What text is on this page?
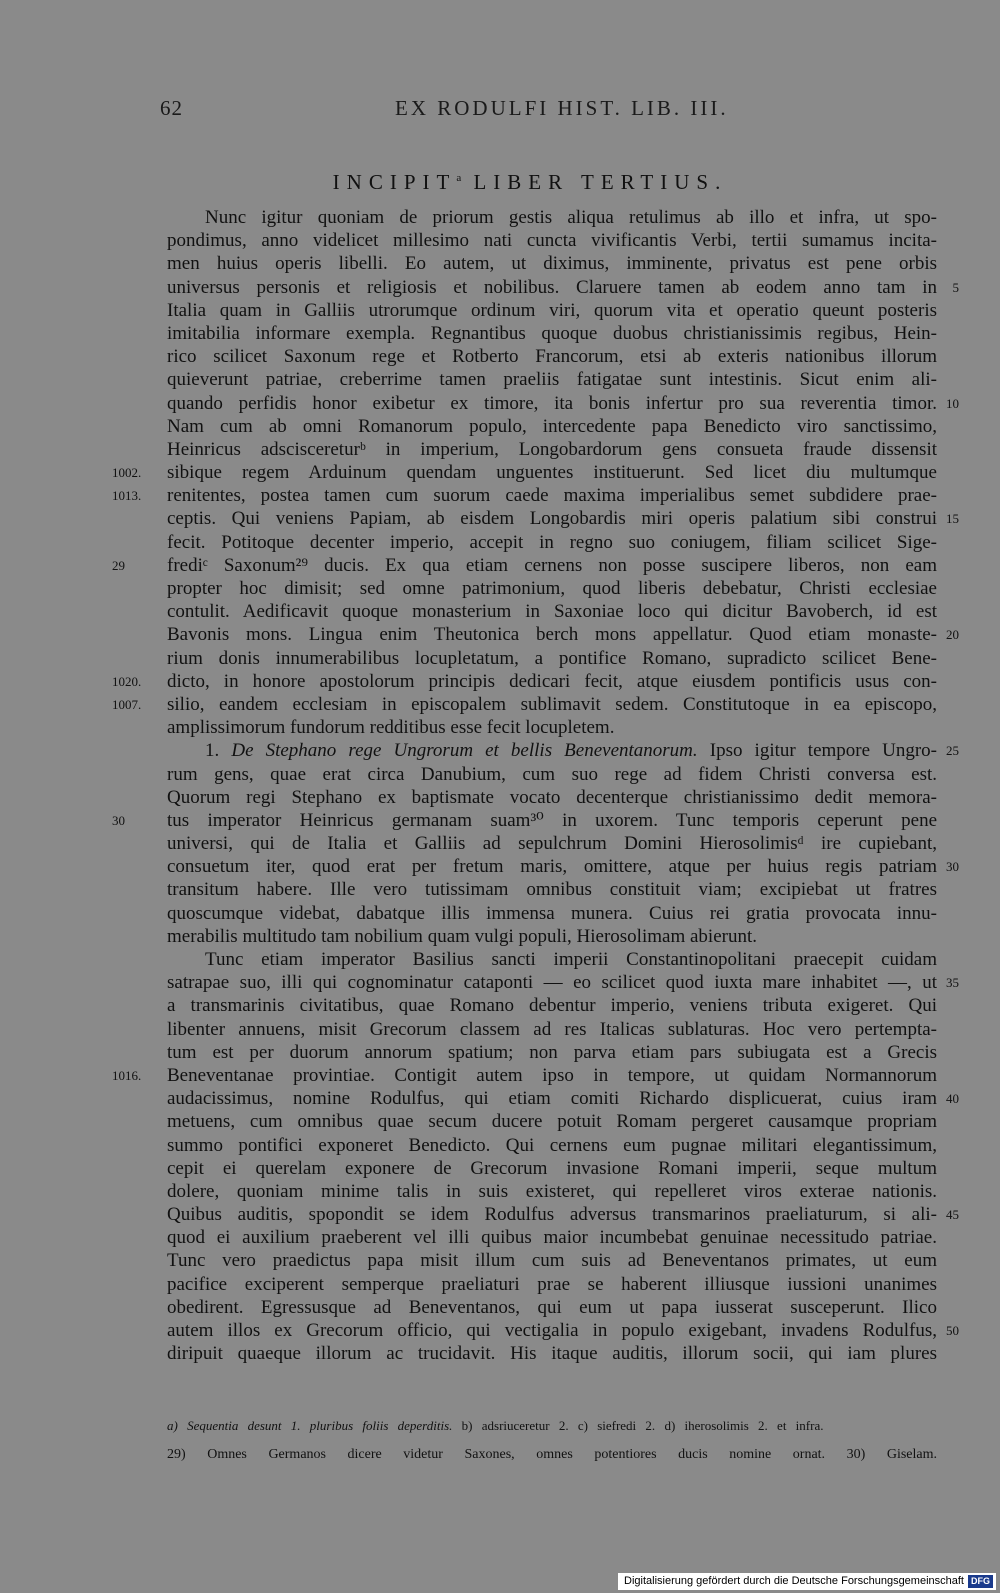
62	EX RODULFI HIST. LIB. III.
INCIPIT$^a$ LIBER TERTIUS.
Nunc igitur quoniam de priorum gestis aliqua retulimus ab illo et infra, ut spo-
pondimus, anno videlicet millesimo nati cuncta vivificantis Verbi, tertii sumamus incita-
men huius operis libelli. Eo autem, ut diximus, imminente, privatus est pene orbis
5
universus personis et religiosis et nobilibus. Claruere tamen ab eodem anno tam in
Italia quam in Galliis utrorumque ordinum viri, quorum vita et operatio queunt posteris
imitabilia informare exempla. Regnantibus quoque duobus christianissimis regibus, Hein-
rico scilicet Saxonum rege et Rotberto Francorum, etsi ab exteris nationibus illorum
quieverunt patriae, creberrime tamen praeliis fatigatae sunt intestinis. Sicut enim ali-
10
quando perfidis honor exibetur ex timore, ita bonis infertur pro sua reverentia timor.
Nam cum ab omni Romanorum populo, intercedente papa Benedicto viro sanctissimo,
Heinricus adsciscereturᵇ in imperium, Longobardorum gens consueta fraude dissensit
1002.	sibique regem Arduinum quendam unguentes instituerunt. Sed licet diu multumque
1013.	renitentes, postea tamen cum suorum caede maxima imperialibus semet subdidere prae-
15
ceptis. Qui veniens Papiam, ab eisdem Longobardis miri operis palatium sibi construi
fecit. Potitoque decenter imperio, accepit in regno suo coniugem, filiam scilicet Sige-
29	frediᶜ Saxonum²⁹ ducis. Ex qua etiam cernens non posse suscipere liberos, non eam
propter hoc dimisit; sed omne patrimonium, quod liberis debebatur, Christi ecclesiae
contulit. Aedificavit quoque monasterium in Saxoniae loco qui dicitur Bavoberch, id est
20
Bavonis mons. Lingua enim Theutonica berch mons appellatur. Quod etiam monaste-
rium donis innumerabilibus locupletatum, a pontifice Romano, supradicto scilicet Bene-
1020.	dicto, in honore apostolorum principis dedicari fecit, atque eiusdem pontificis usus con-
1007.	silio, eandem ecclesiam in episcopalem sublimavit sedem. Constitutoque in ea episcopo,
amplissimorum fundorum redditibus esse fecit locupletem.
25
1. De Stephano rege Ungrorum et bellis Beneventanorum. Ipso igitur tempore Ungro-
rum gens, quae erat circa Danubium, cum suo rege ad fidem Christi conversa est.
Quorum regi Stephano ex baptismate vocato decenterque christianissimo dedit memora-
30	tus imperator Heinricus germanam suam³⁰ in uxorem. Tunc temporis ceperunt pene
universi, qui de Italia et Galliis ad sepulchrum Domini Hierosolimisᵈ ire cupiebant,
30
consuetum iter, quod erat per fretum maris, omittere, atque per huius regis patriam
transitum habere. Ille vero tutissimam omnibus constituit viam; excipiebat ut fratres
quoscumque videbat, dabatque illis immensa munera. Cuius rei gratia provocata innu-
merabilis multitudo tam nobilium quam vulgi populi, Hierosolimam abierunt.
Tunc etiam imperator Basilius sancti imperii Constantinopolitani praecepit cuidam
35
satrapae suo, illi qui cognominatur cataponti — eo scilicet quod iuxta mare inhabitet —, ut
a transmarinis civitatibus, quae Romano debentur imperio, veniens tributa exigeret. Qui
libenter annuens, misit Grecorum classem ad res Italicas sublaturas. Hoc vero pertempta-
tum est per duorum annorum spatium; non parva etiam pars subiugata est a Grecis
1016.	Beneventanae provintiae. Contigit autem ipso in tempore, ut quidam Normannorum
40
audacissimus, nomine Rodulfus, qui etiam comiti Richardo displicuerat, cuius iram
metuens, cum omnibus quae secum ducere potuit Romam pergeret causamque propriam
summo pontifici exponeret Benedicto. Qui cernens eum pugnae militari elegantissimum,
cepit ei querelam exponere de Grecorum invasione Romani imperii, seque multum
dolere, quoniam minime talis in suis existeret, qui repelleret viros exterae nationis.
45
Quibus auditis, spopondit se idem Rodulfus adversus transmarinos praeliaturum, si ali-
quod ei auxilium praeberent vel illi quibus maior incumbebat genuinae necessitudo patriae.
Tunc vero praedictus papa misit illum cum suis ad Beneventanos primates, ut eum
pacifice exciperent semperque praeliaturi prae se haberent illiusque iussioni unanimes
obedirent. Egressusque ad Beneventanos, qui eum ut papa iusserat susceperunt. Ilico
50
autem illos ex Grecorum officio, qui vectigalia in populo exigebant, invadens Rodulfus,
diripuit quaeque illorum ac trucidavit. His itaque auditis, illorum socii, qui iam plures
a) Sequentia desunt 1. pluribus foliis deperditis. b) adsriuceretur 2. c) siefredi 2. d) iherosolimis 2. et infra.
29) Omnes Germanos dicere videtur Saxones, omnes potentiores ducis nomine ornat. 30) Giselam.
Digitalisierung gefördert durch die Deutsche Forschungsgemeinschaft DFG
